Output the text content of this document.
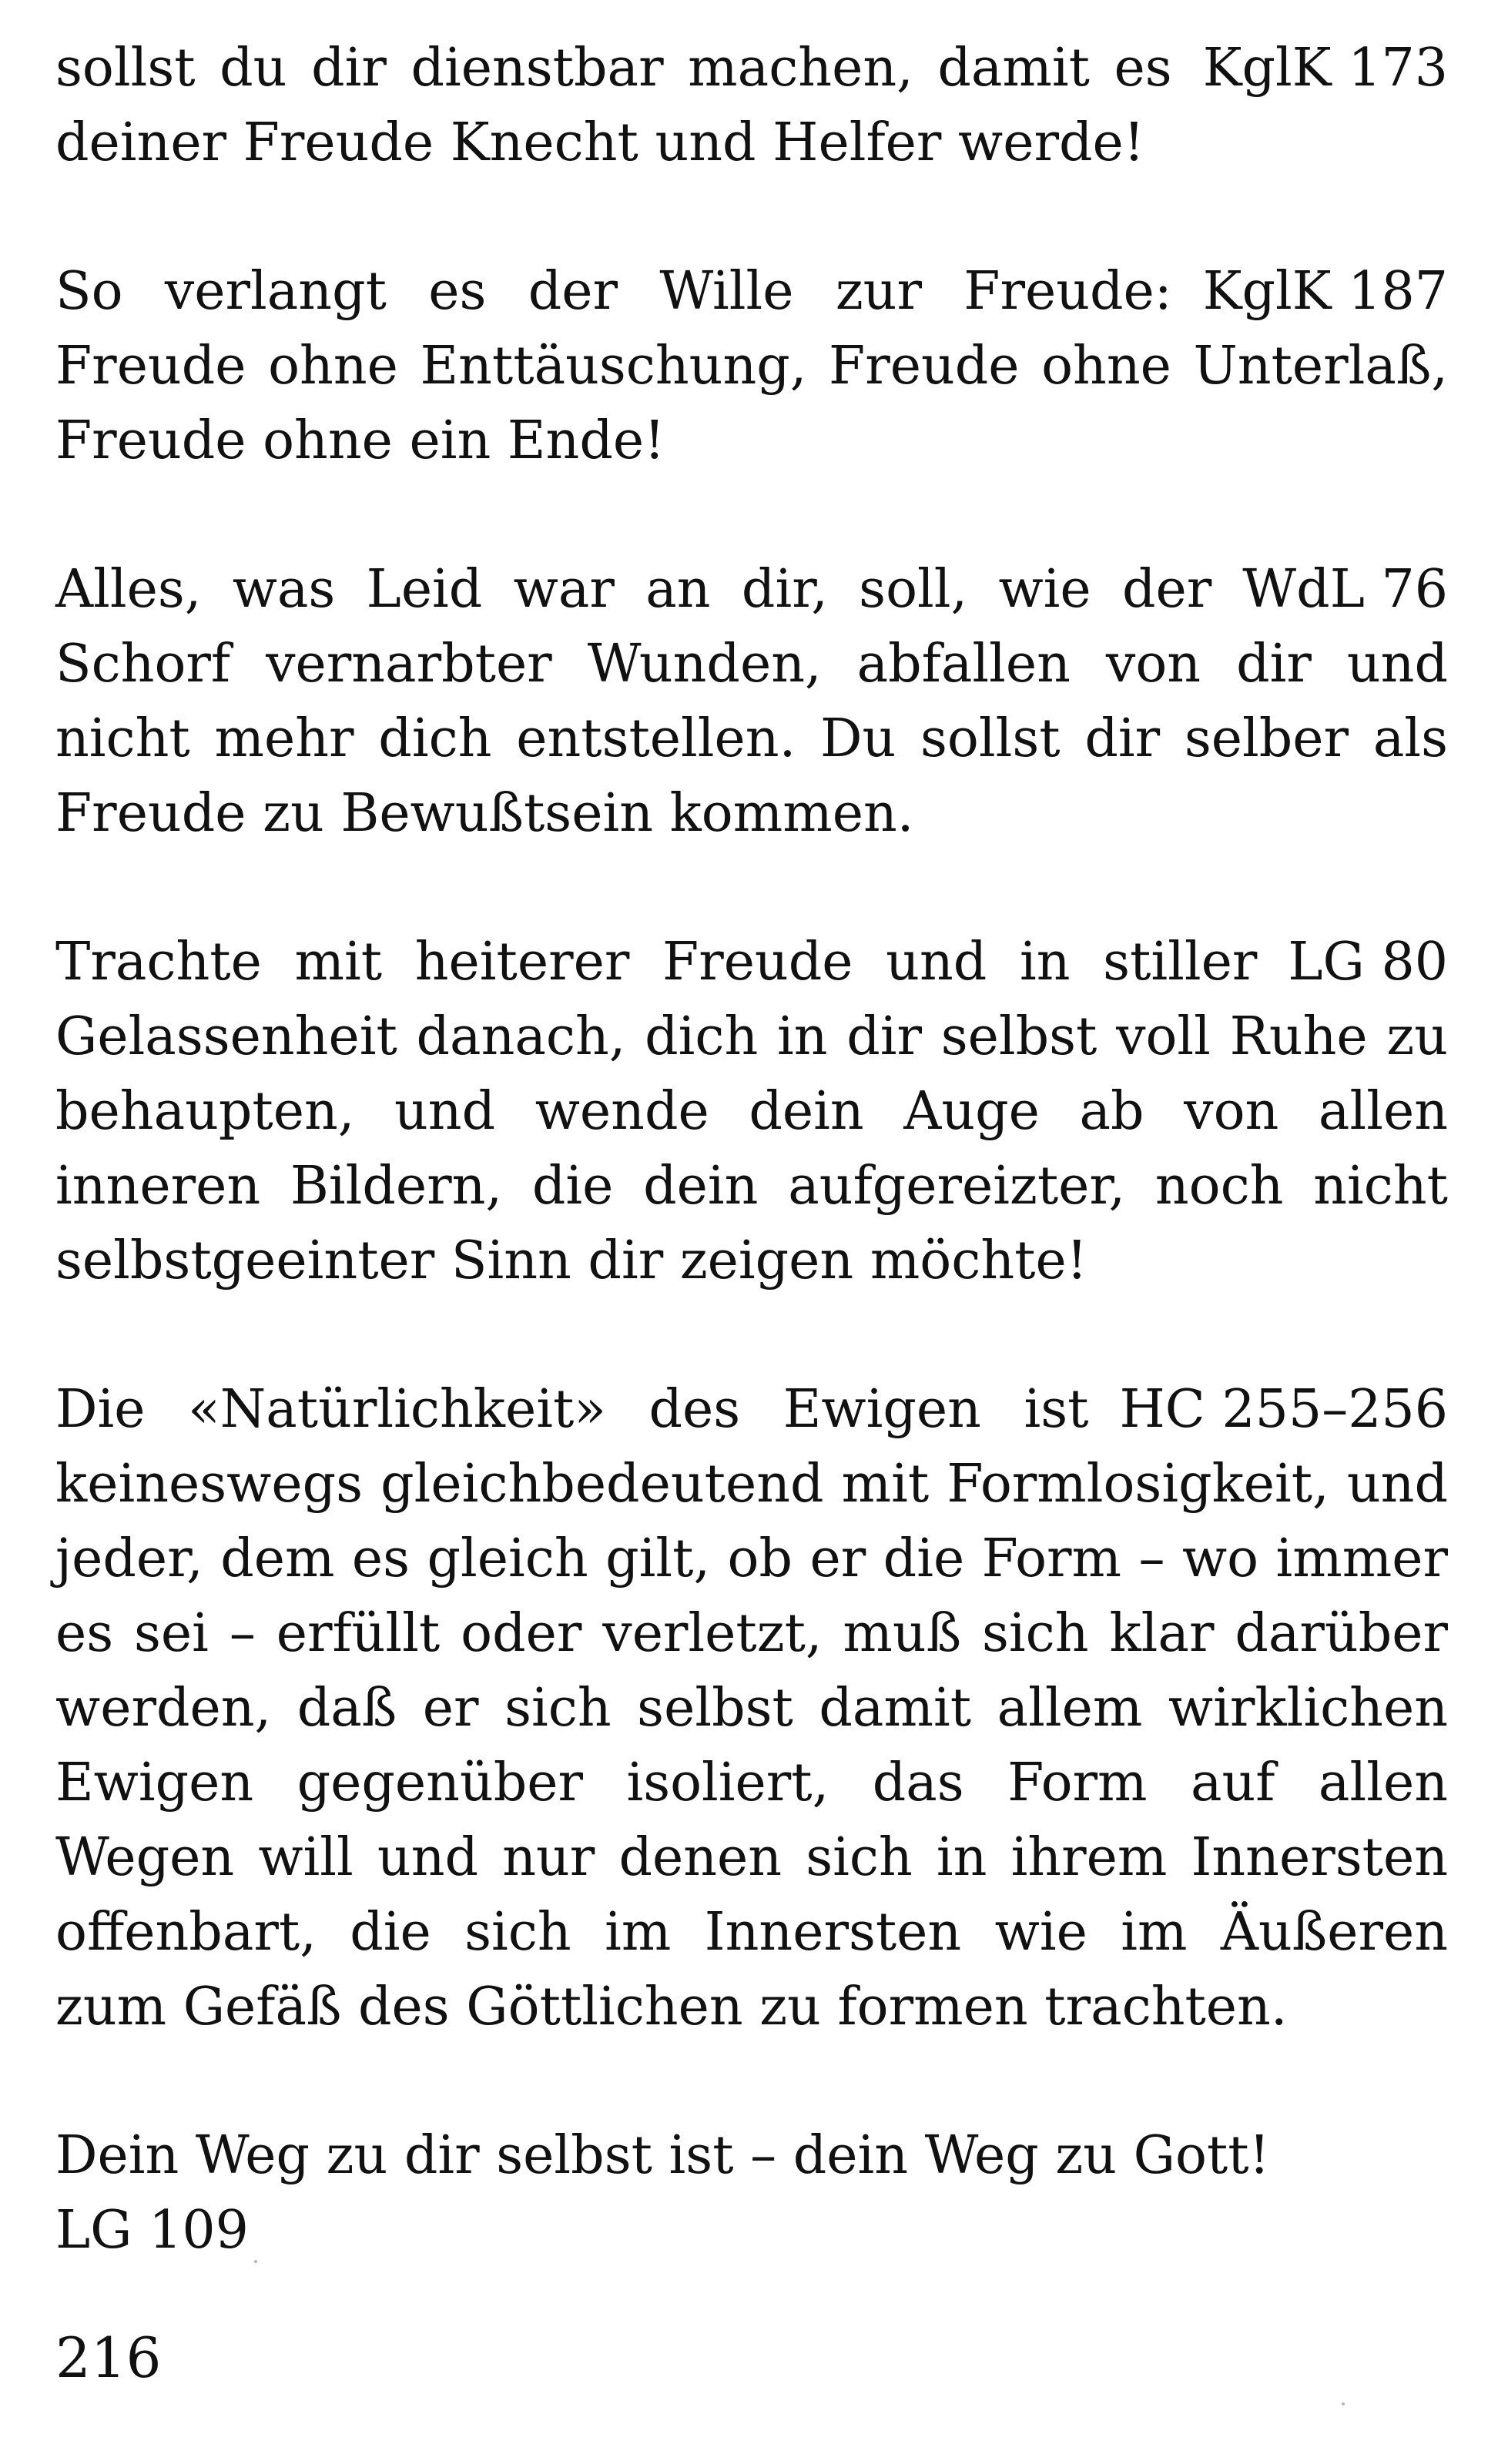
KglK 173
sollst du dir dienstbar machen, damit es deiner Freude Knecht und Helfer werde!

KglK 187
So verlangt es der Wille zur Freude: Freude ohne Enttäuschung, Freude ohne Unterlaß, Freude ohne ein Ende!

WdL 76
Alles, was Leid war an dir, soll, wie der Schorf vernarbter Wunden, abfallen von dir und nicht mehr dich entstellen. Du sollst dir selber als Freude zu Bewußtsein kommen.

LG 80
Trachte mit heiterer Freude und in stiller Gelassenheit danach, dich in dir selbst voll Ruhe zu behaupten, und wende dein Auge ab von allen inneren Bildern, die dein aufgereizter, noch nicht selbstgeeinter Sinn dir zeigen möchte!

HC 255–256
Die «Natürlichkeit» des Ewigen ist keineswegs gleichbedeutend mit Formlosigkeit, und jeder, dem es gleich gilt, ob er die Form – wo immer es sei – erfüllt oder verletzt, muß sich klar darüber werden, daß er sich selbst damit allem wirklichen Ewigen gegenüber isoliert, das Form auf allen Wegen will und nur denen sich in ihrem Innersten offenbart, die sich im Innersten wie im Äußeren zum Gefäß des Göttlichen zu formen trachten.

Dein Weg zu dir selbst ist – dein Weg zu Gott!
LG 109

216
